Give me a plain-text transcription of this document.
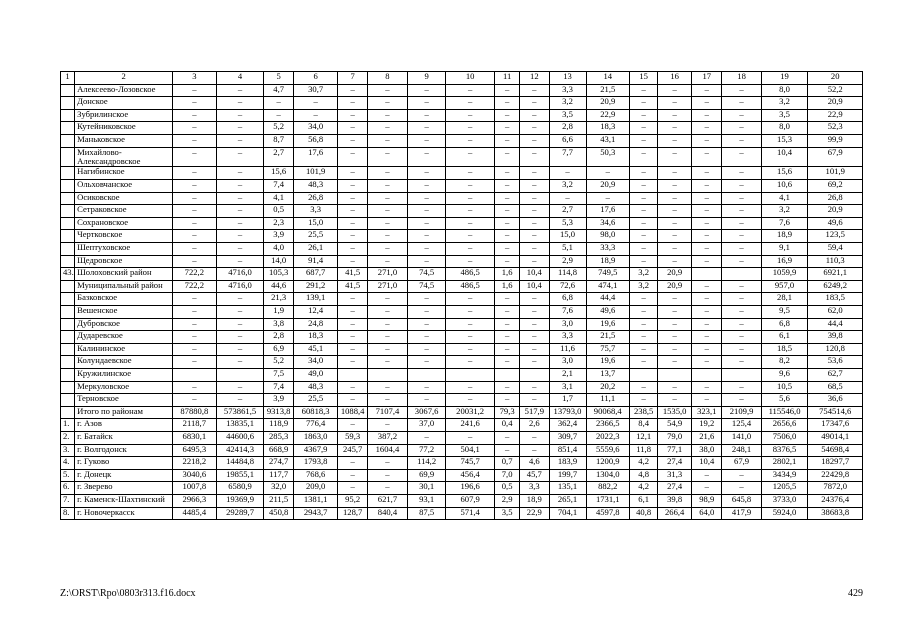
1	2	3	4	5	6	7	8	9	10	11	12	13	14	15	16	17	18	19	20
	Алексеево-Лозовское	–	–	4,7	30,7	–	–	–	–	–	–	3,3	21,5	–	–	–	–	8,0	52,2
	Донское	–	–	–	–	–	–	–	–	–	–	3,2	20,9	–	–	–	–	3,2	20,9
	Зубрилинское	–	–	–	–	–	–	–	–	–	–	3,5	22,9	–	–	–	–	3,5	22,9
	Кутейниковское	–	–	5,2	34,0	–	–	–	–	–	–	2,8	18,3	–	–	–	–	8,0	52,3
	Маньковское	–	–	8,7	56,8	–	–	–	–	–	–	6,6	43,1	–	–	–	–	15,3	99,9
	Михайлово-Александровское	–	–	2,7	17,6	–	–	–	–	–	–	7,7	50,3	–	–	–	–	10,4	67,9
	Нагибинское	–	–	15,6	101,9	–	–	–	–	–	–	–	–	–	–	–	–	15,6	101,9
	Ольховчанское	–	–	7,4	48,3	–	–	–	–	–	–	3,2	20,9	–	–	–	–	10,6	69,2
	Осиковское	–	–	4,1	26,8	–	–	–	–	–	–	–	–	–	–	–	–	4,1	26,8
	Сетраковское	–	–	0,5	3,3	–	–	–	–	–	–	2,7	17,6	–	–	–	–	3,2	20,9
	Сохрановское	–	–	2,3	15,0	–	–	–	–	–	–	5,3	34,6	–	–	–	–	7,6	49,6
	Чертковское	–	–	3,9	25,5	–	–	–	–	–	–	15,0	98,0	–	–	–	–	18,9	123,5
	Шептуховское	–	–	4,0	26,1	–	–	–	–	–	–	5,1	33,3	–	–	–	–	9,1	59,4
	Щедровское	–	–	14,0	91,4	–	–	–	–	–	–	2,9	18,9	–	–	–	–	16,9	110,3
43.	Шолоховский район	722,2	4716,0	105,3	687,7	41,5	271,0	74,5	486,5	1,6	10,4	114,8	749,5	3,2	20,9			1059,9	6921,1
	Муниципальный район	722,2	4716,0	44,6	291,2	41,5	271,0	74,5	486,5	1,6	10,4	72,6	474,1	3,2	20,9	–	–	957,0	6249,2
	Базковское	–	–	21,3	139,1	–	–	–	–	–	–	6,8	44,4	–	–	–	–	28,1	183,5
	Вешенское	–	–	1,9	12,4	–	–	–	–	–	–	7,6	49,6	–	–	–	–	9,5	62,0
	Дубровское	–	–	3,8	24,8	–	–	–	–	–	–	3,0	19,6	–	–	–	–	6,8	44,4
	Дударевское	–	–	2,8	18,3	–	–	–	–	–	–	3,3	21,5	–	–	–	–	6,1	39,8
	Калининское	–	–	6,9	45,1	–	–	–	–	–	–	11,6	75,7	–	–	–	–	18,5	120,8
	Колундаевское	–	–	5,2	34,0	–	–	–	–	–	–	3,0	19,6	–	–	–	–	8,2	53,6
	Кружилинское			7,5	49,0							2,1	13,7					9,6	62,7
	Меркуловское	–	–	7,4	48,3	–	–	–	–	–	–	3,1	20,2	–	–	–	–	10,5	68,5
	Терновское	–	–	3,9	25,5	–	–	–	–	–	–	1,7	11,1	–	–	–	–	5,6	36,6
	Итого по районам	87880,8	573861,5	9313,8	60818,3	1088,4	7107,4	3067,6	20031,2	79,3	517,9	13793,0	90068,4	238,5	1535,0	323,1	2109,9	115546,0	754514,6
1.	г. Азов	2118,7	13835,1	118,9	776,4	–	–	37,0	241,6	0,4	2,6	362,4	2366,5	8,4	54,9	19,2	125,4	2656,6	17347,6
2.	г. Батайск	6830,1	44600,6	285,3	1863,0	59,3	387,2	–	–	–	–	309,7	2022,3	12,1	79,0	21,6	141,0	7506,0	49014,1
3.	г. Волгодонск	6495,3	42414,3	668,9	4367,9	245,7	1604,4	77,2	504,1	–	–	851,4	5559,6	11,8	77,1	38,0	248,1	8376,5	54698,4
4.	г. Гуково	2218,2	14484,8	274,7	1793,8	–	–	114,2	745,7	0,7	4,6	183,9	1200,9	4,2	27,4	10,4	67,9	2802,1	18297,7
5.	г. Донецк	3040,6	19855,1	117,7	768,6	–	–	69,9	456,4	7,0	45,7	199,7	1304,0	4,8	31,3	–	–	3434,9	22429,8
6.	г. Зверево	1007,8	6580,9	32,0	209,0	–	–	30,1	196,6	0,5	3,3	135,1	882,2	4,2	27,4	–	–	1205,5	7872,0
7.	г. Каменск-Шахтинский	2966,3	19369,9	211,5	1381,1	95,2	621,7	93,1	607,9	2,9	18,9	265,1	1731,1	6,1	39,8	98,9	645,8	3733,0	24376,4
8.	г. Новочеркасск	4485,4	29289,7	450,8	2943,7	128,7	840,4	87,5	571,4	3,5	22,9	704,1	4597,8	40,8	266,4	64,0	417,9	5924,0	38683,8
Z:\ORST\Rpo\0803r313.f16.docx	429
